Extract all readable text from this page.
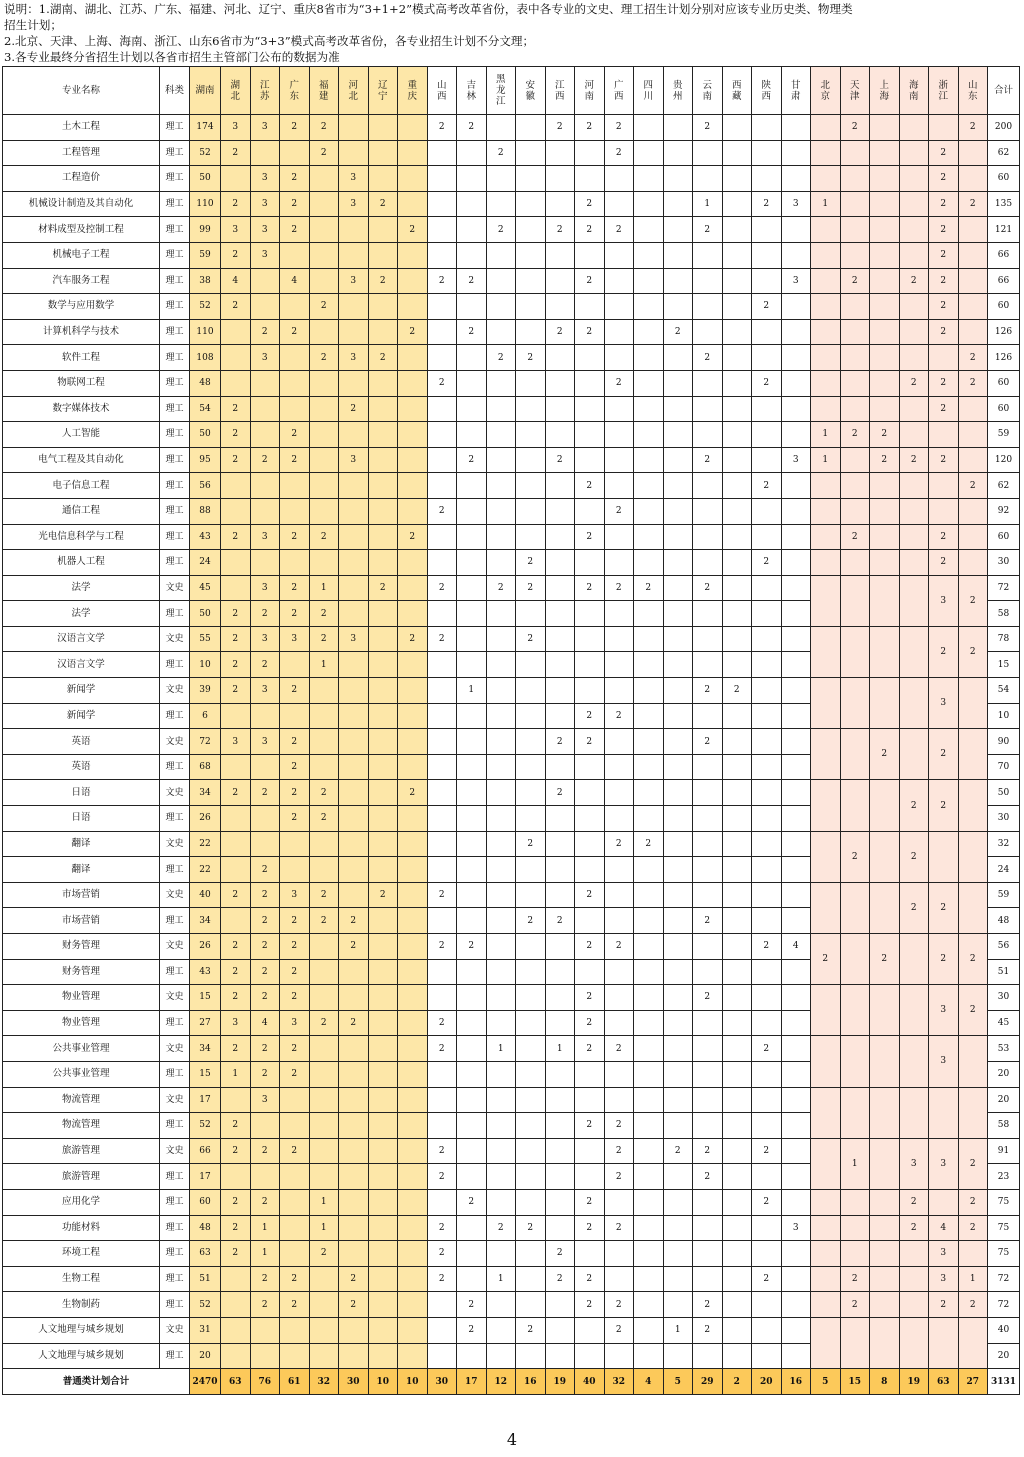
说明：1.湖南、湖北、江苏、广东、福建、河北、辽宁、重庆8省市为“3+1+2”模式高考改革省份，表中各专业的文史、理工招生计划分别对应该专业历史类、物理类
招生计划；
2.北京、天津、上海、海南、浙江、山东6省市为“3+3”模式高考改革省份，各专业招生计划不分文理；
3.各专业最终分省招生计划以各省市招生主管部门公布的数据为准
专业名称	科类	湖南	湖北	江苏	广东	福建	河北	辽宁	重庆	山西	吉林	黑龙江	安徽	江西	河南	广西	四川	贵州	云南	西藏	陕西	甘肃	北京	天津	上海	海南	浙江	山东	合计
土木工程	理工	174	3	3	2	2				2	2			2	2	2			2					2				2	200
工程管理	理工	52	2			2						2				2											2		62
工程造价	理工	50		3	2		3																				2		60
机械设计制造及其自动化	理工	110	2	3	2		3	2							2				1		2	3	1				2	2	135
材料成型及控制工程	理工	99	3	3	2				2			2		2	2	2			2								2		121
机械电子工程	理工	59	2	3																							2		66
汽车服务工程	理工	38	4		4		3	2		2	2				2							3		2		2	2		66
数学与应用数学	理工	52	2			2															2						2		60
计算机科学与技术	理工	110		2	2				2		2			2	2			2									2		126
软件工程	理工	108		3		2	3	2				2	2						2									2	126
物联网工程	理工	48								2						2					2					2	2	2	60
数字媒体技术	理工	54	2				2																				2		60
人工智能	理工	50	2		2																		1	2	2				59
电气工程及其自动化	理工	95	2	2	2		3				2			2					2			3	1		2	2	2		120
电子信息工程	理工	56													2						2							2	62
通信工程	理工	88								2						2													92
光电信息科学与工程	理工	43	2	3	2	2			2						2									2			2		60
机器人工程	理工	24											2								2						2		30
法学	文史	45		3	2	1		2		2		2	2		2	2	2		2								3	2	72
法学	理工	50	2	2	2	2																							58
汉语言文学	文史	55	2	3	3	2	3		2	2			2														2	2	78
汉语言文学	理工	10	2	2		1																							15
新闻学	文史	39	2	3	2						1								2	2							3		54
新闻学	理工	6													2	2													10
英语	文史	72	3	3	2									2	2				2						2		2		90
英语	理工	68			2																								70
日语	文史	34	2	2	2	2			2					2												2	2		50
日语	理工	26			2	2																							30
翻译	文史	22											2			2	2							2		2			32
翻译	理工	22		2																									24
市场营销	文史	40	2	2	3	2		2		2					2											2	2		59
市场营销	理工	34		2	2	2	2						2	2					2										48
财务管理	文史	26	2	2	2		2			2	2				2	2					2	4	2		2		2	2	56
财务管理	理工	43	2	2	2																								51
物业管理	文史	15	2	2	2										2				2								3	2	30
物业管理	理工	27	3	4	3	2	2			2					2														45
公共事业管理	文史	34	2	2	2					2		1		1	2	2					2						3		53
公共事业管理	理工	15	1	2	2																								20
物流管理	文史	17		3																									20
物流管理	理工	52	2												2	2													58
旅游管理	文史	66	2	2	2					2						2		2	2		2			1		3	3	2	91
旅游管理	理工	17								2						2			2										23
应用化学	理工	60	2	2		1					2				2						2					2		2	75
功能材料	理工	48	2	1		1				2		2	2		2	2						3				2	4	2	75
环境工程	理工	63	2	1		2				2				2													3		75
生物工程	理工	51		2	2		2			2		1		2	2						2			2			3	1	72
生物制药	理工	52		2	2		2				2				2	2			2					2			2	2	72
人文地理与城乡规划	文史	31									2		2			2		1	2										40
人文地理与城乡规划	理工	20																											20
普通类计划合计		2470	63	76	61	32	30	10	10	30	17	12	16	19	40	32	4	5	29	2	20	16	5	15	8	19	63	27	3131
4
